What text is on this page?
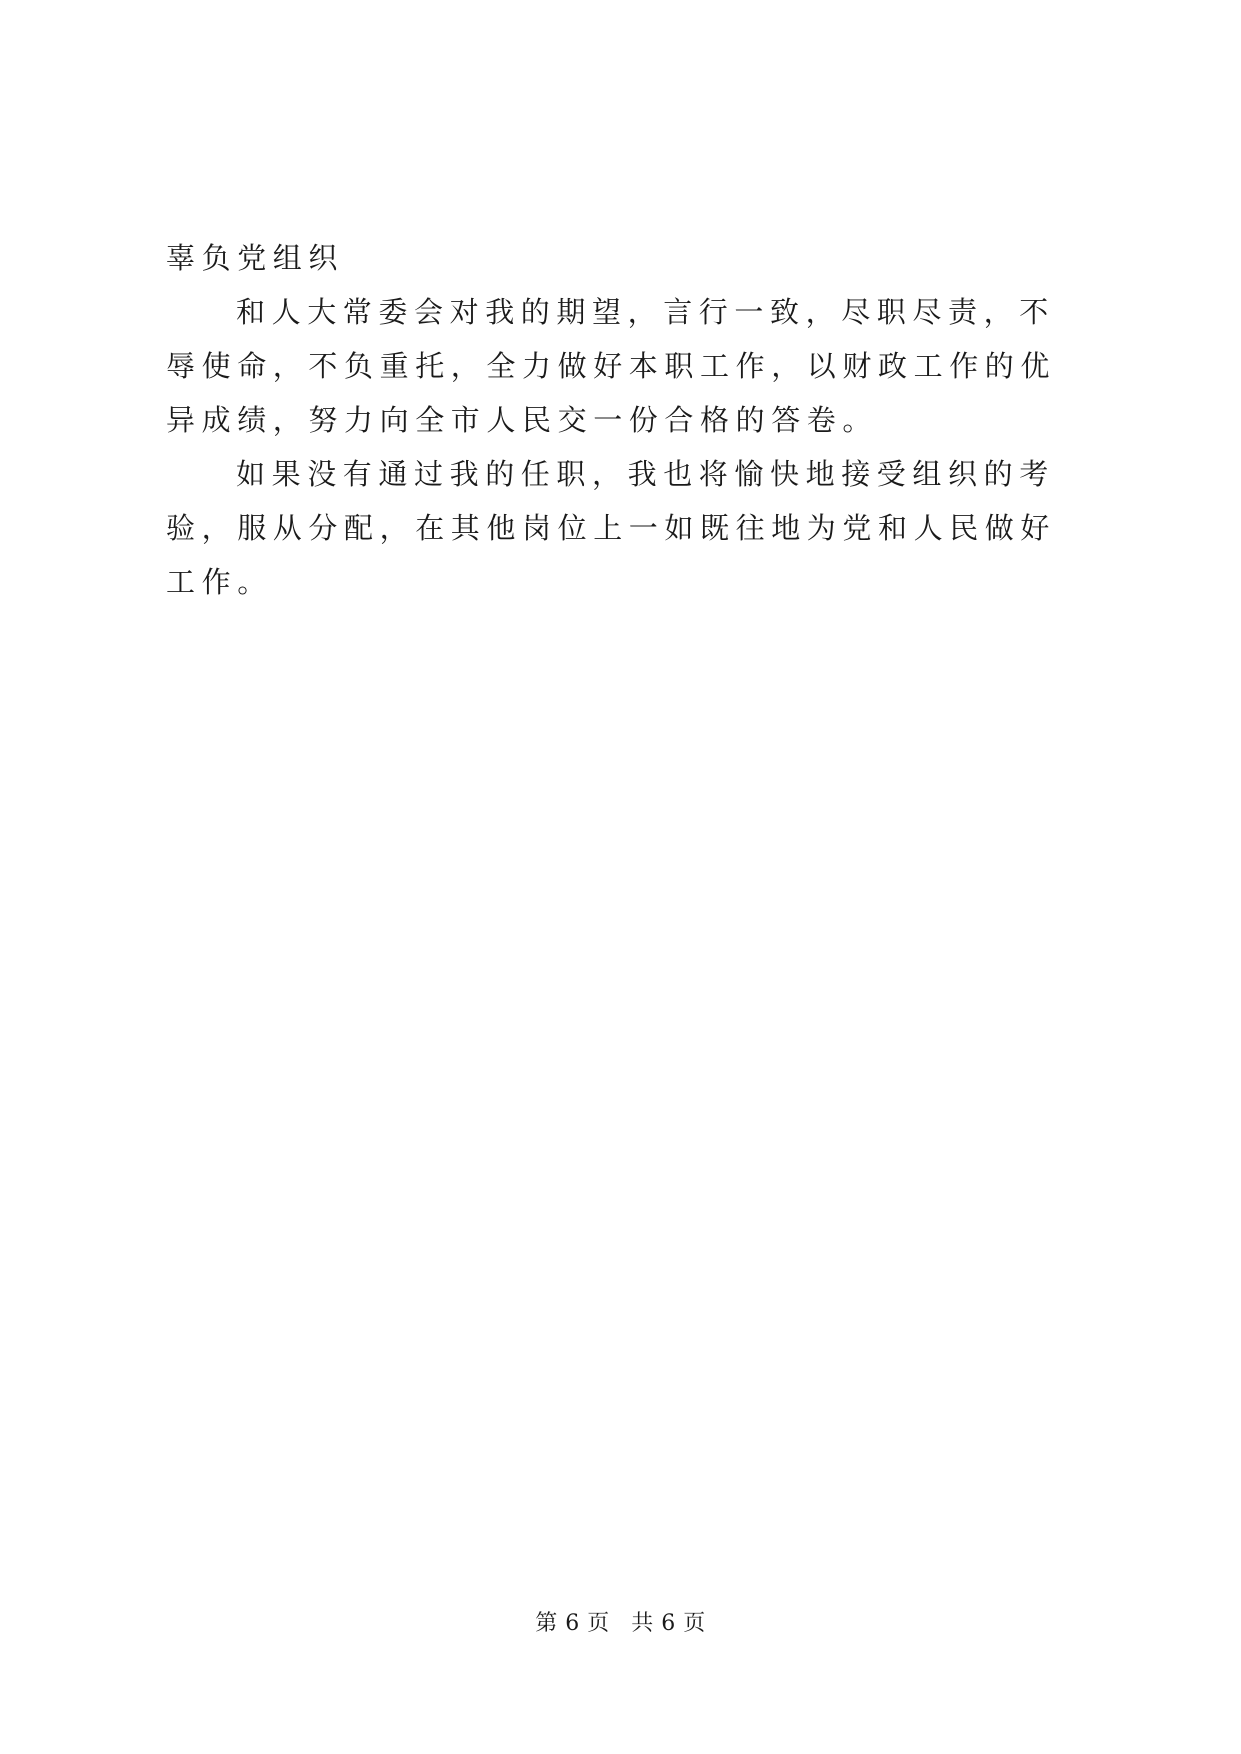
辜负党组织

和人大常委会对我的期望，言行一致，尽职尽责，不辱使命，不负重托，全力做好本职工作，以财政工作的优异成绩，努力向全市人民交一份合格的答卷。

如果没有通过我的任职，我也将愉快地接受组织的考验，服从分配，在其他岗位上一如既往地为党和人民做好工作。

第 6 页 共 6 页
